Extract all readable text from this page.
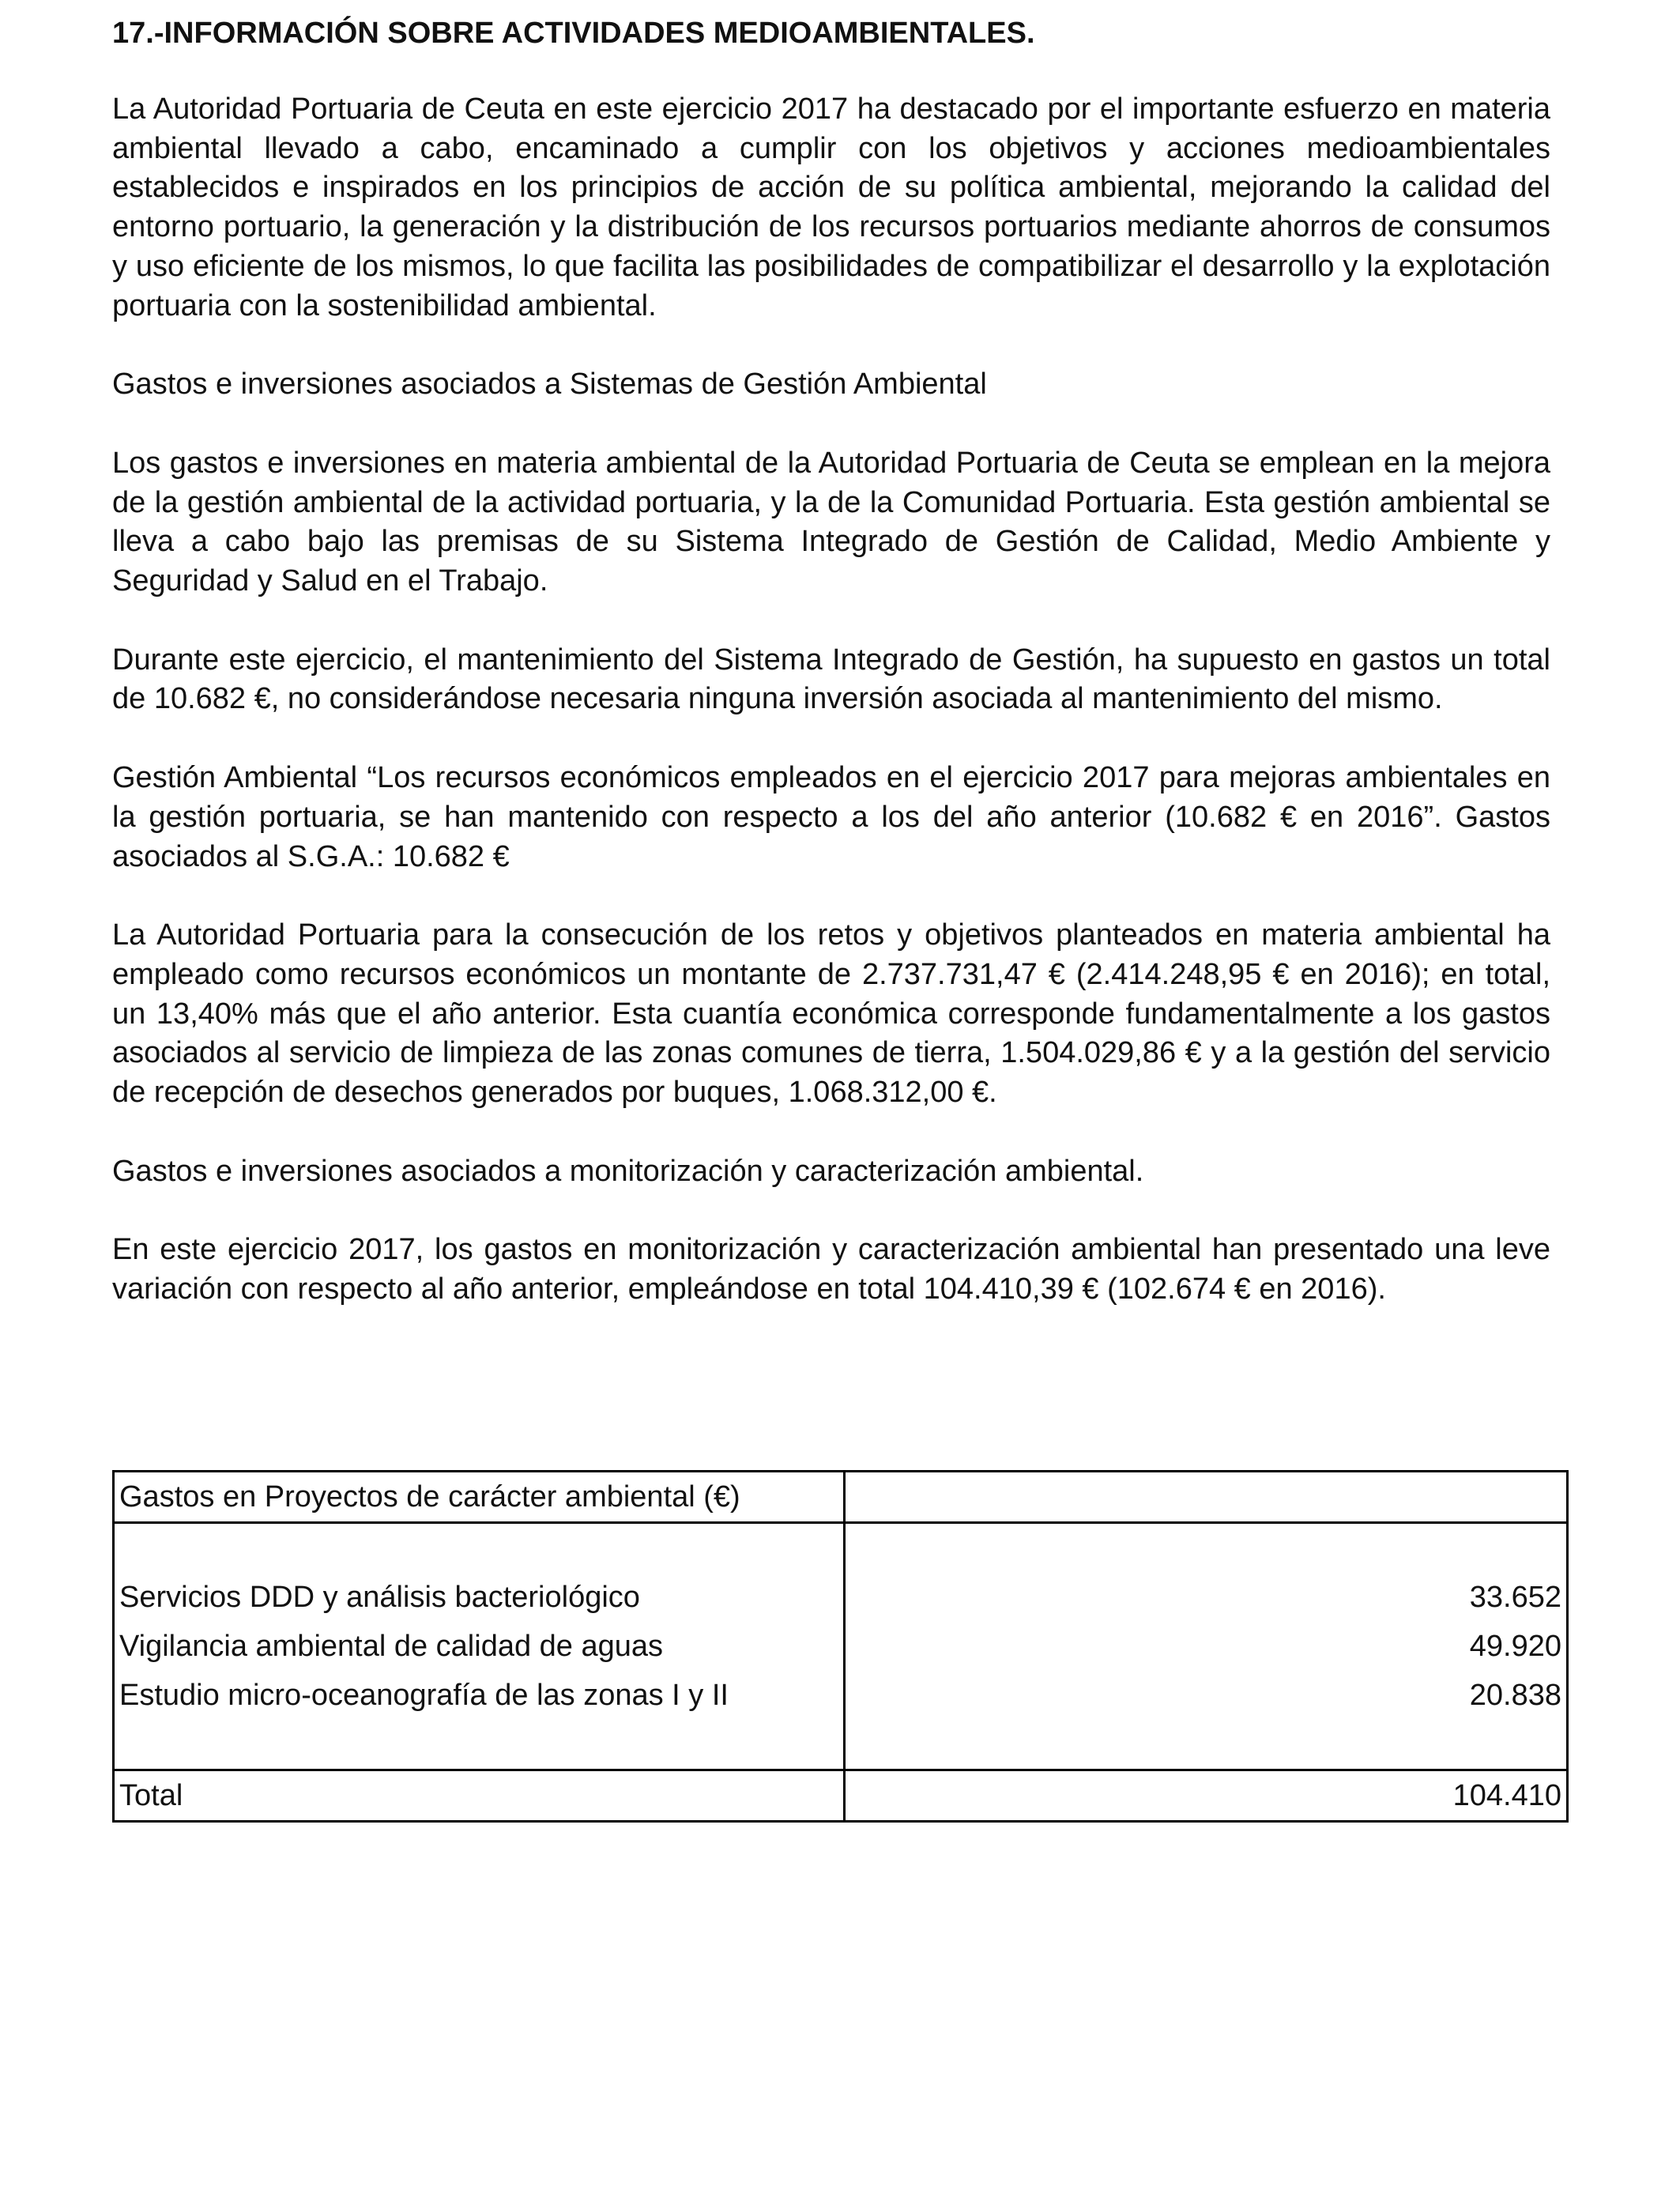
17.-INFORMACIÓN SOBRE ACTIVIDADES MEDIOAMBIENTALES.

La Autoridad Portuaria de Ceuta en este ejercicio 2017 ha destacado por el importante esfuerzo en materia ambiental llevado a cabo, encaminado a cumplir con los objetivos y acciones medioambientales establecidos e inspirados en los principios de acción de su política ambiental, mejorando la calidad del entorno portuario, la generación y la distribución de los recursos portuarios mediante ahorros de consumos y uso eficiente de los mismos, lo que facilita las posibilidades de compatibilizar el desarrollo y la explotación portuaria con la sostenibilidad ambiental.

Gastos e inversiones asociados a Sistemas de Gestión Ambiental

Los gastos e inversiones en materia ambiental de la Autoridad Portuaria de Ceuta se emplean en la mejora de la gestión ambiental de la actividad portuaria, y la de la Comunidad Portuaria. Esta gestión ambiental se lleva a cabo bajo las premisas de su Sistema Integrado de Gestión de Calidad, Medio Ambiente y Seguridad y Salud en el Trabajo.

Durante este ejercicio, el mantenimiento del Sistema Integrado de Gestión, ha supuesto en gastos un total de 10.682 €, no considerándose necesaria ninguna inversión asociada al mantenimiento del mismo.

Gestión Ambiental “Los recursos económicos empleados en el ejercicio 2017 para mejoras ambientales en la gestión portuaria, se han mantenido con respecto a los del año anterior (10.682 € en 2016”. Gastos asociados al S.G.A.: 10.682 €

La Autoridad Portuaria para la consecución de los retos y objetivos planteados en materia ambiental ha empleado como recursos económicos un montante de 2.737.731,47 € (2.414.248,95 € en 2016); en total, un 13,40% más que el año anterior. Esta cuantía económica corresponde fundamentalmente a los gastos asociados al servicio de limpieza de las zonas comunes de tierra, 1.504.029,86 € y a la gestión del servicio de recepción de desechos generados por buques, 1.068.312,00 €.

Gastos e inversiones asociados a monitorización y caracterización ambiental.

En este ejercicio 2017, los gastos en monitorización y caracterización ambiental han presentado una leve variación con respecto al año anterior, empleándose en total 104.410,39 € (102.674 € en 2016).

Gastos en Proyectos de carácter ambiental (€)	

Servicios DDD y análisis bacteriológico	33.652
Vigilancia ambiental de calidad de aguas	49.920
Estudio micro-oceanografía de las zonas I y II	20.838

Total	104.410
